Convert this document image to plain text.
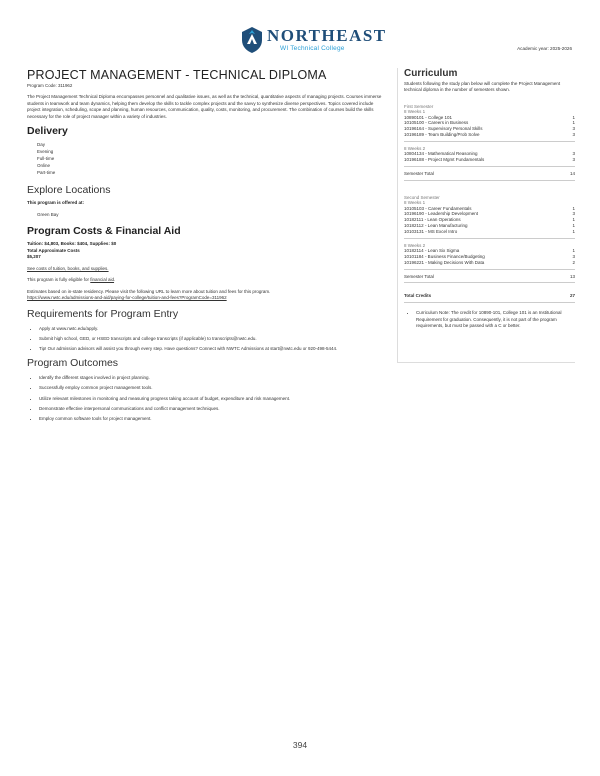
NORTHEAST
WI Technical College	Academic year: 2025-2026
PROJECT MANAGEMENT - TECHNICAL DIPLOMA
Program Code: 311962

The Project Management Technical Diploma encompasses personnel and qualitative issues, as well as the technical, quantitative aspects of managing projects. Courses immerse students in teamwork and team dynamics, helping them develop the skills to tackle complex projects and the savvy to synthesize diverse perspectives. Topics covered include project integration, scheduling, scope and planning, human resources, communication, quality, costs, monitoring, and procurement. The combination of courses build the skills necessary for the role of project manager within a variety of industries.

Delivery
Day
Evening
Full-time
Online
Part-time
Explore Locations
This program is offered at:
Green Bay
Program Costs & Financial Aid
Tuition: $4,803, Books: $404, Supplies: $0
Total Approximate Costs
$5,207
See costs of tuition, books, and supplies.
This program is fully eligible for financial aid.
Estimates based on in-state residency. Please visit the following URL to learn more about tuition and fees for this program.
https://www.nwtc.edu/admissions-and-aid/paying-for-college/tuition-and-fees?ProgramCode=311962
Requirements for Program Entry
• Apply at www.nwtc.edu/apply.
• Submit high school, GED, or HSED transcripts and college transcripts (if applicable) to transcripts@nwtc.edu.
• Tip! Our admission advisors will assist you through every step. Have questions? Connect with NWTC Admissions at start@nwtc.edu or 920-498-5444.
Program Outcomes
• Identify the different stages involved in project planning.
• Successfully employ common project management tools.
• Utilize relevant milestones in monitoring and measuring progress taking account of budget, expenditure and risk management.
• Demonstrate effective interpersonal communications and conflict management techniques.
• Employ common software tools for project management.
Curriculum
Students following the study plan below will complete the Project Management technical diploma in the number of semesters shown.
First Semester
8 Weeks 1
10890101 - College 101	1
10105100 - Careers in Business	1
10196164 - Supervisory Personal Skills	3
10196189 - Team Building/Prob Solve	3
8 Weeks 2
10804134 - Mathematical Reasoning	3
10196188 - Project Mgmt Fundamentals	3
Semester Total	14
Second Semester
8 Weeks 1
10105103 - Career Fundamentals	1
10196190 - Leadership Development	3
10182111 - Lean Operations	1
10182112 - Lean Manufacturing	1
10103131 - MS Excel Intro	1
8 Weeks 2
10182114 - Lean Six Sigma	1
10101184 - Business Finance/Budgeting	3
10196221 - Making Decisions With Data	2
Semester Total	13
Total Credits	27
• Curriculum Note: The credit for 10890-101, College 101 is an Institutional Requirement for graduation. Consequently, it is not part of the program requirements, but must be passed with a C or better.
394
